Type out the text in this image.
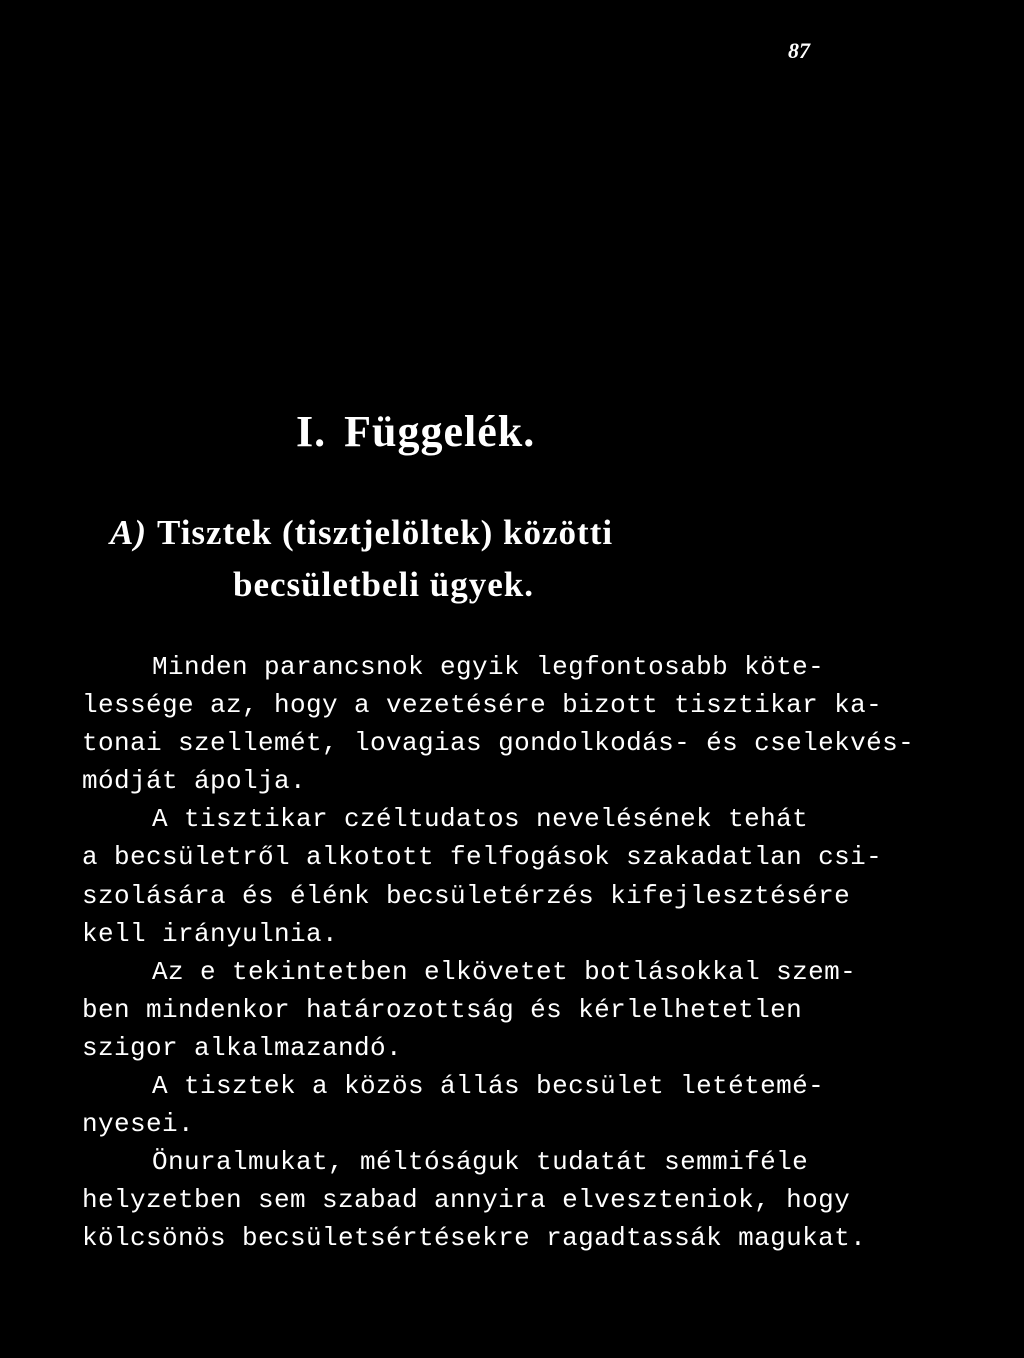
87
I. Függelék.
A) Tisztek (tisztjelöltek) közötti
becsületbeli ügyek.
Minden parancsnok egyik legfontosabb köte-
lessége az, hogy a vezetésére bizott tisztikar ka-
tonai szellemét, lovagias gondolkodás- és cselekvés-
módját ápolja.
A tisztikar czéltudatos nevelésének tehát
a becsületről alkotott felfogások szakadatlan csi-
szolására és élénk becsületérzés kifejlesztésére
kell irányulnia.
Az e tekintetben elkövetet botlásokkal szem-
ben mindenkor határozottság és kérlelhetetlen
szigor alkalmazandó.
A tisztek a közös állás becsület letétemé-
nyesei.
Önuralmukat, méltóságuk tudatát semmiféle
helyzetben sem szabad annyira elveszteniok, hogy
kölcsönös becsületsértésekre ragadtassák magukat.
